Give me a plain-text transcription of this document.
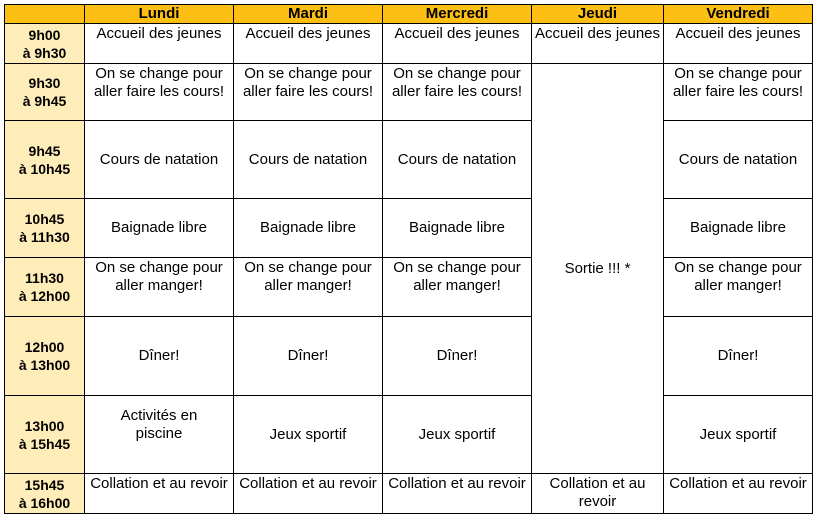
	Lundi	Mardi	Mercredi	Jeudi	Vendredi
9h00
à 9h30	Accueil des jeunes	Accueil des jeunes	Accueil des jeunes	Accueil des jeunes	Accueil des jeunes
9h30
à 9h45	On se change pour aller faire les cours!	On se change pour aller faire les cours!	On se change pour aller faire les cours!	Sortie !!! *	On se change pour aller faire les cours!
9h45
à 10h45	Cours de natation	Cours de natation	Cours de natation		Cours de natation
10h45
à 11h30	Baignade libre	Baignade libre	Baignade libre		Baignade libre
11h30
à 12h00	On se change pour aller manger!	On se change pour aller manger!	On se change pour aller manger!		On se change pour aller manger!
12h00
à 13h00	Dîner!	Dîner!	Dîner!		Dîner!
13h00
à 15h45	Activités en piscine	Jeux sportif	Jeux sportif		Jeux sportif
15h45
à 16h00	Collation et au revoir	Collation et au revoir	Collation et au revoir	Collation et au revoir	Collation et au revoir
